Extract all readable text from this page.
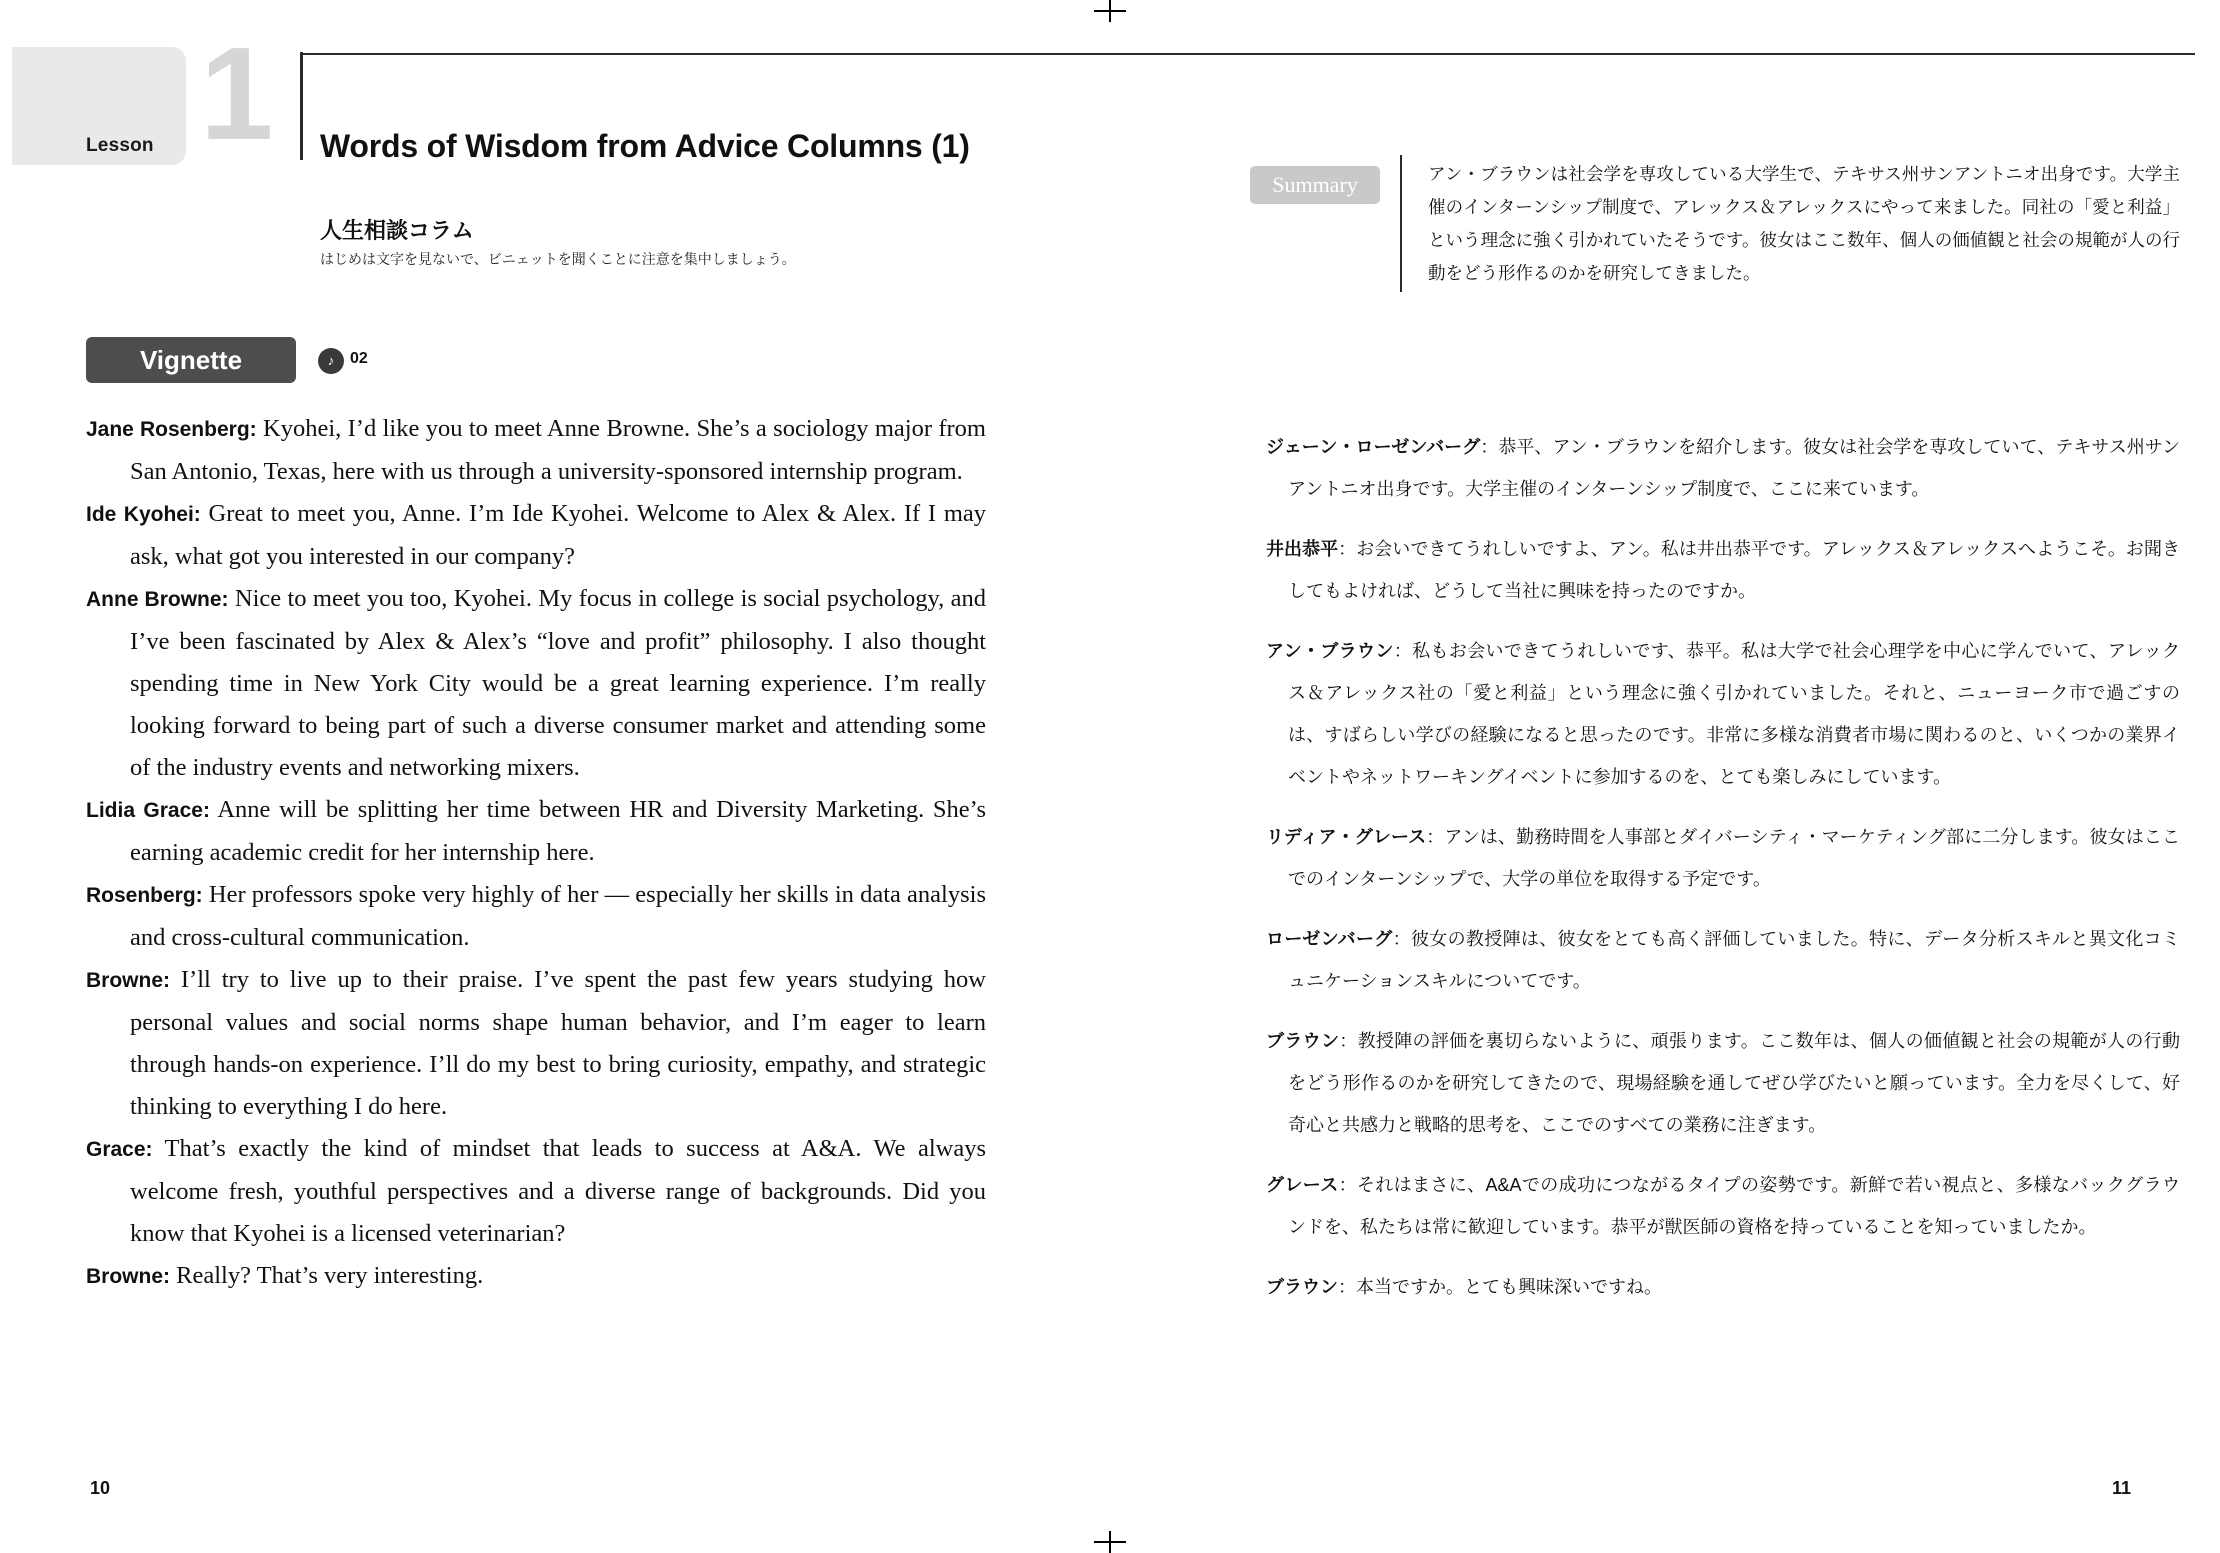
Lesson 1 Words of Wisdom from Advice Columns (1)
人生相談コラム
はじめは文字を見ないで、ビニェットを聞くことに注意を集中しましょう。
Summary	アン・ブラウンは社会学を専攻している大学生で、テキサス州サンアントニオ出身です。大学主催のインターンシップ制度で、アレックス＆アレックスにやって来ました。同社の「愛と利益」という理念に強く引かれていたそうです。彼女はここ数年、個人の価値観と社会の規範が人の行動をどう形作るのかを研究してきました。
Vignette	♪ 02

Jane Rosenberg: Kyohei, I’d like you to meet Anne Browne. She’s a sociology major from San Antonio, Texas, here with us through a university-sponsored internship program.

Ide Kyohei: Great to meet you, Anne. I’m Ide Kyohei. Welcome to Alex & Alex. If I may ask, what got you interested in our company?

Anne Browne: Nice to meet you too, Kyohei. My focus in college is social psychology, and I’ve been fascinated by Alex & Alex’s “love and profit” philosophy. I also thought spending time in New York City would be a great learning experience. I’m really looking forward to being part of such a diverse consumer market and attending some of the industry events and networking mixers.

Lidia Grace: Anne will be splitting her time between HR and Diversity Marketing. She’s earning academic credit for her internship here.

Rosenberg: Her professors spoke very highly of her — especially her skills in data analysis and cross-cultural communication.

Browne: I’ll try to live up to their praise. I’ve spent the past few years studying how personal values and social norms shape human behavior, and I’m eager to learn through hands-on experience. I’ll do my best to bring curiosity, empathy, and strategic thinking to everything I do here.

Grace: That’s exactly the kind of mindset that leads to success at A&A. We always welcome fresh, youthful perspectives and a diverse range of backgrounds. Did you know that Kyohei is a licensed veterinarian?

Browne: Really? That’s very interesting.

ジェーン・ローゼンバーグ：恭平、アン・ブラウンを紹介します。彼女は社会学を専攻していて、テキサス州サンアントニオ出身です。大学主催のインターンシップ制度で、ここに来ています。

井出恭平：お会いできてうれしいですよ、アン。私は井出恭平です。アレックス＆アレックスへようこそ。お聞きしてもよければ、どうして当社に興味を持ったのですか。

アン・ブラウン：私もお会いできてうれしいです、恭平。私は大学で社会心理学を中心に学んでいて、アレックス＆アレックス社の「愛と利益」という理念に強く引かれていました。それと、ニューヨーク市で過ごすのは、すばらしい学びの経験になると思ったのです。非常に多様な消費者市場に関わるのと、いくつかの業界イベントやネットワーキングイベントに参加するのを、とても楽しみにしています。

リディア・グレース：アンは、勤務時間を人事部とダイバーシティ・マーケティング部に二分します。彼女はここでのインターンシップで、大学の単位を取得する予定です。

ローゼンバーグ：彼女の教授陣は、彼女をとても高く評価していました。特に、データ分析スキルと異文化コミュニケーションスキルについてです。

ブラウン：教授陣の評価を裏切らないように、頑張ります。ここ数年は、個人の価値観と社会の規範が人の行動をどう形作るのかを研究してきたので、現場経験を通してぜひ学びたいと願っています。全力を尽くして、好奇心と共感力と戦略的思考を、ここでのすべての業務に注ぎます。

グレース：それはまさに、A&Aでの成功につながるタイプの姿勢です。新鮮で若い視点と、多様なバックグラウンドを、私たちは常に歓迎しています。恭平が獣医師の資格を持っていることを知っていましたか。

ブラウン：本当ですか。とても興味深いですね。

10	11
